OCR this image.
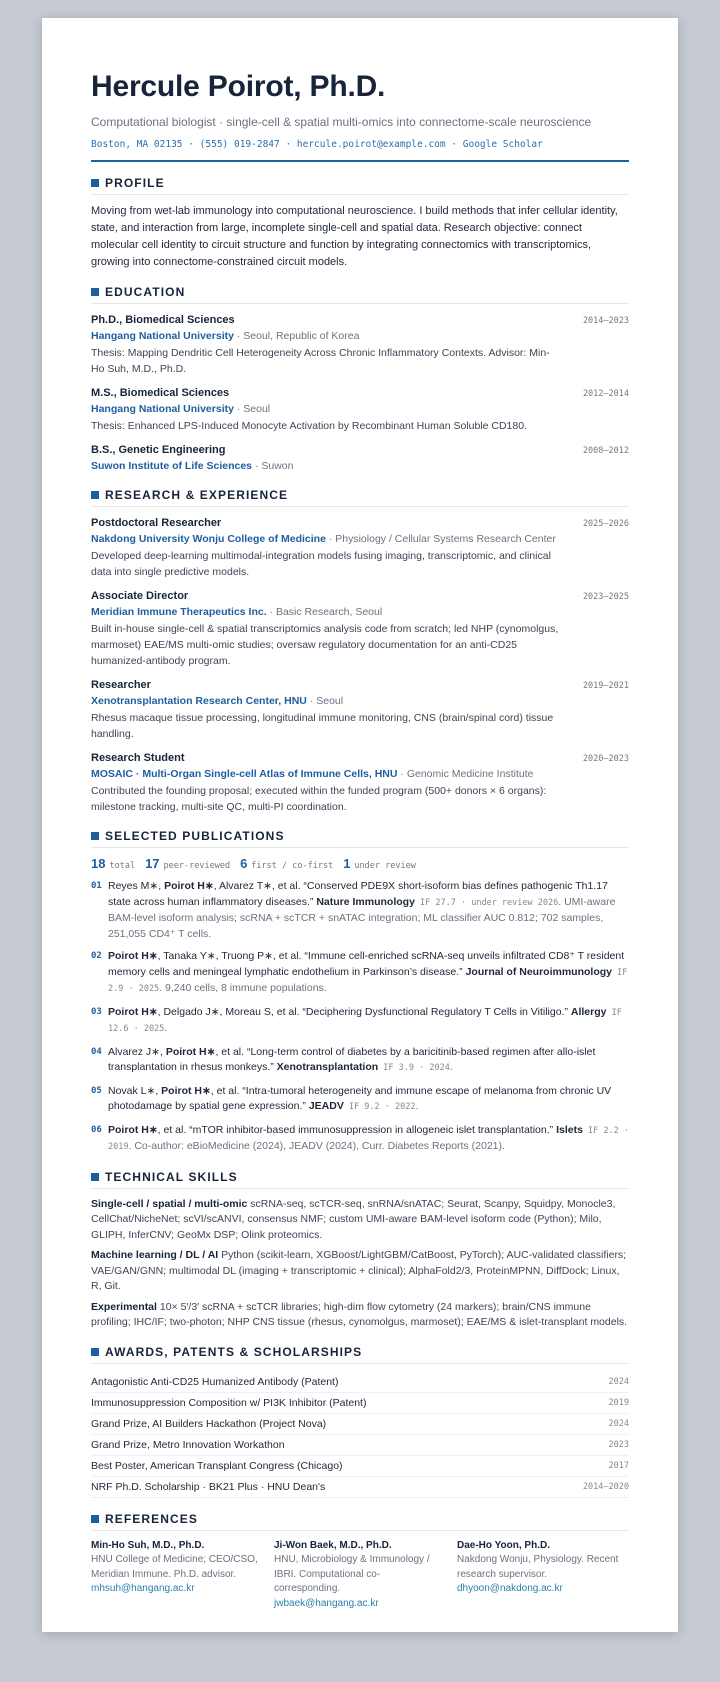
Hercule Poirot, Ph.D.
Computational biologist · single-cell & spatial multi-omics into connectome-scale neuroscience
Boston, MA 02135 · (555) 019-2847 · hercule.poirot@example.com · Google Scholar
PROFILE
Moving from wet-lab immunology into computational neuroscience. I build methods that infer cellular identity, state, and interaction from large, incomplete single-cell and spatial data. Research objective: connect molecular cell identity to circuit structure and function by integrating connectomics with transcriptomics, growing into connectome-constrained circuit models.
EDUCATION
Ph.D., Biomedical Sciences	2014–2023
Hangang National University · Seoul, Republic of Korea
Thesis: Mapping Dendritic Cell Heterogeneity Across Chronic Inflammatory Contexts. Advisor: Min-Ho Suh, M.D., Ph.D.
M.S., Biomedical Sciences	2012–2014
Hangang National University · Seoul
Thesis: Enhanced LPS-Induced Monocyte Activation by Recombinant Human Soluble CD180.
B.S., Genetic Engineering	2008–2012
Suwon Institute of Life Sciences · Suwon
RESEARCH & EXPERIENCE
Postdoctoral Researcher	2025–2026
Nakdong University Wonju College of Medicine · Physiology / Cellular Systems Research Center
Developed deep-learning multimodal-integration models fusing imaging, transcriptomic, and clinical data into single predictive models.
Associate Director	2023–2025
Meridian Immune Therapeutics Inc. · Basic Research, Seoul
Built in-house single-cell & spatial transcriptomics analysis code from scratch; led NHP (cynomolgus, marmoset) EAE/MS multi-omic studies; oversaw regulatory documentation for an anti-CD25 humanized-antibody program.
Researcher	2019–2021
Xenotransplantation Research Center, HNU · Seoul
Rhesus macaque tissue processing, longitudinal immune monitoring, CNS (brain/spinal cord) tissue handling.
Research Student	2020–2023
MOSAIC · Multi-Organ Single-cell Atlas of Immune Cells, HNU · Genomic Medicine Institute
Contributed the founding proposal; executed within the funded program (500+ donors × 6 organs): milestone tracking, multi-site QC, multi-PI coordination.
SELECTED PUBLICATIONS
18 total 17 peer-reviewed 6 first / co-first 1 under review
01 Reyes M∗, Poirot H∗, Alvarez T∗, et al. “Conserved PDE9X short-isoform bias defines pathogenic Th1.17 state across human inflammatory diseases.” Nature Immunology IF 27.7 · under review 2026. UMI-aware BAM-level isoform analysis; scRNA + scTCR + snATAC integration; ML classifier AUC 0.812; 702 samples, 251,055 CD4⁺ T cells.
02 Poirot H∗, Tanaka Y∗, Truong P∗, et al. “Immune cell-enriched scRNA-seq unveils infiltrated CD8⁺ T resident memory cells and meningeal lymphatic endothelium in Parkinson’s disease.” Journal of Neuroimmunology IF 2.9 · 2025. 9,240 cells, 8 immune populations.
03 Poirot H∗, Delgado J∗, Moreau S, et al. “Deciphering Dysfunctional Regulatory T Cells in Vitiligo.” Allergy IF 12.6 · 2025.
04 Alvarez J∗, Poirot H∗, et al. “Long-term control of diabetes by a baricitinib-based regimen after allo-islet transplantation in rhesus monkeys.” Xenotransplantation IF 3.9 · 2024.
05 Novak L∗, Poirot H∗, et al. “Intra-tumoral heterogeneity and immune escape of melanoma from chronic UV photodamage by spatial gene expression.” JEADV IF 9.2 · 2022.
06 Poirot H∗, et al. “mTOR inhibitor-based immunosuppression in allogeneic islet transplantation.” Islets IF 2.2 · 2019. Co-author: eBioMedicine (2024), JEADV (2024), Curr. Diabetes Reports (2021).
TECHNICAL SKILLS
Single-cell / spatial / multi-omic scRNA-seq, scTCR-seq, snRNA/snATAC; Seurat, Scanpy, Squidpy, Monocle3, CellChat/NicheNet; scVI/scANVI, consensus NMF; custom UMI-aware BAM-level isoform code (Python); Milo, GLIPH, InferCNV; GeoMx DSP; Olink proteomics.
Machine learning / DL / AI Python (scikit-learn, XGBoost/LightGBM/CatBoost, PyTorch); AUC-validated classifiers; VAE/GAN/GNN; multimodal DL (imaging + transcriptomic + clinical); AlphaFold2/3, ProteinMPNN, DiffDock; Linux, R, Git.
Experimental 10× 5′/3′ scRNA + scTCR libraries; high-dim flow cytometry (24 markers); brain/CNS immune profiling; IHC/IF; two-photon; NHP CNS tissue (rhesus, cynomolgus, marmoset); EAE/MS & islet-transplant models.
AWARDS, PATENTS & SCHOLARSHIPS
Antagonistic Anti-CD25 Humanized Antibody (Patent)	2024
Immunosuppression Composition w/ PI3K Inhibitor (Patent)	2019
Grand Prize, AI Builders Hackathon (Project Nova)	2024
Grand Prize, Metro Innovation Workathon	2023
Best Poster, American Transplant Congress (Chicago)	2017
NRF Ph.D. Scholarship · BK21 Plus · HNU Dean's	2014–2020
REFERENCES
Min-Ho Suh, M.D., Ph.D.
HNU College of Medicine; CEO/CSO, Meridian Immune. Ph.D. advisor.
mhsuh@hangang.ac.kr
Ji-Won Baek, M.D., Ph.D.
HNU, Microbiology & Immunology / IBRI. Computational co-corresponding.
jwbaek@hangang.ac.kr
Dae-Ho Yoon, Ph.D.
Nakdong Wonju, Physiology. Recent research supervisor.
dhyoon@nakdong.ac.kr
